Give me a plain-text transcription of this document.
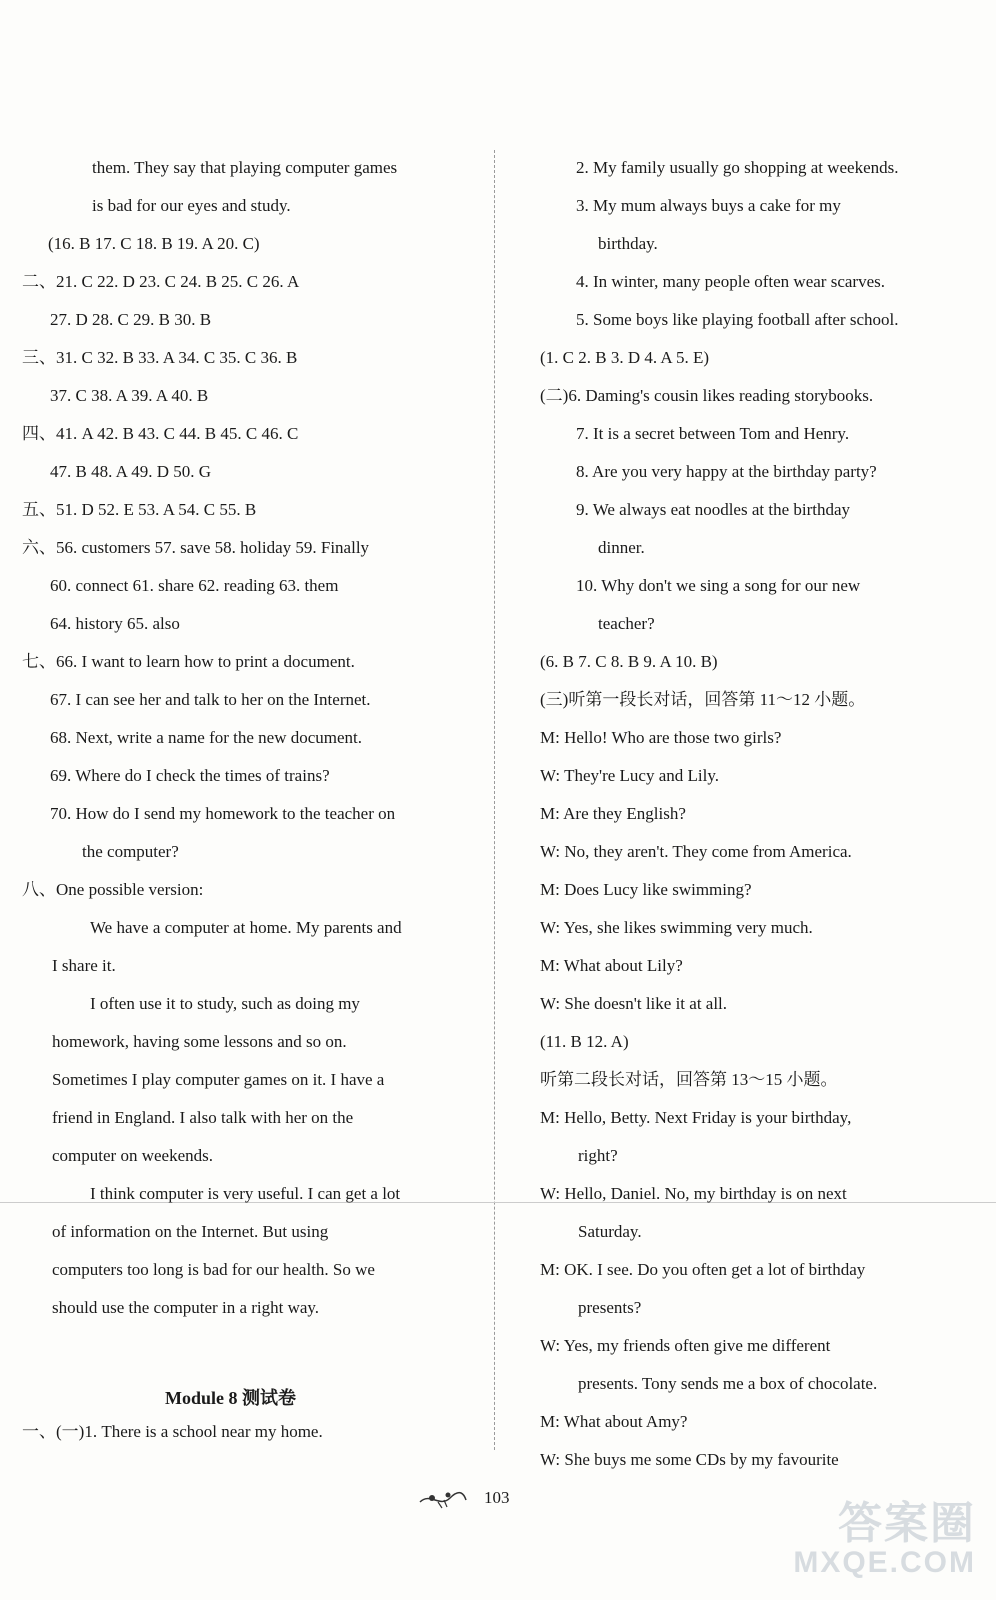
them. They say that playing computer games
is bad for our eyes and study.
(16. B 17. C 18. B 19. A 20. C)
二、21. C 22. D 23. C 24. B 25. C 26. A
27. D 28. C 29. B 30. B
三、31. C 32. B 33. A 34. C 35. C 36. B
37. C 38. A 39. A 40. B
四、41. A 42. B 43. C 44. B 45. C 46. C
47. B 48. A 49. D 50. G
五、51. D 52. E 53. A 54. C 55. B
六、56. customers 57. save 58. holiday 59. Finally
60. connect 61. share 62. reading 63. them
64. history 65. also
七、66. I want to learn how to print a document.
67. I can see her and talk to her on the Internet.
68. Next, write a name for the new document.
69. Where do I check the times of trains?
70. How do I send my homework to the teacher on
the computer?
八、One possible version:
We have a computer at home. My parents and
I share it.
I often use it to study, such as doing my
homework, having some lessons and so on.
Sometimes I play computer games on it. I have a
friend in England. I also talk with her on the
computer on weekends.
I think computer is very useful. I can get a lot
of information on the Internet. But using
computers too long is bad for our health. So we
should use the computer in a right way.
一、(一)1. There is a school near my home.
2. My family usually go shopping at weekends.
3. My mum always buys a cake for my
birthday.
4. In winter, many people often wear scarves.
5. Some boys like playing football after school.
(1. C 2. B 3. D 4. A 5. E)
(二)6. Daming's cousin likes reading storybooks.
7. It is a secret between Tom and Henry.
8. Are you very happy at the birthday party?
9. We always eat noodles at the birthday
dinner.
10. Why don't we sing a song for our new
teacher?
(6. B 7. C 8. B 9. A 10. B)
(三)听第一段长对话，回答第 11～12 小题。
M: Hello! Who are those two girls?
W: They're Lucy and Lily.
M: Are they English?
W: No, they aren't. They come from America.
M: Does Lucy like swimming?
W: Yes, she likes swimming very much.
M: What about Lily?
W: She doesn't like it at all.
(11. B 12. A)
听第二段长对话，回答第 13～15 小题。
M: Hello, Betty. Next Friday is your birthday,
right?
W: Hello, Daniel. No, my birthday is on next
Saturday.
M: OK. I see. Do you often get a lot of birthday
presents?
W: Yes, my friends often give me different
presents. Tony sends me a box of chocolate.
M: What about Amy?
W: She buys me some CDs by my favourite
Module 8 测试卷
103
答案圈
MXQE.COM
